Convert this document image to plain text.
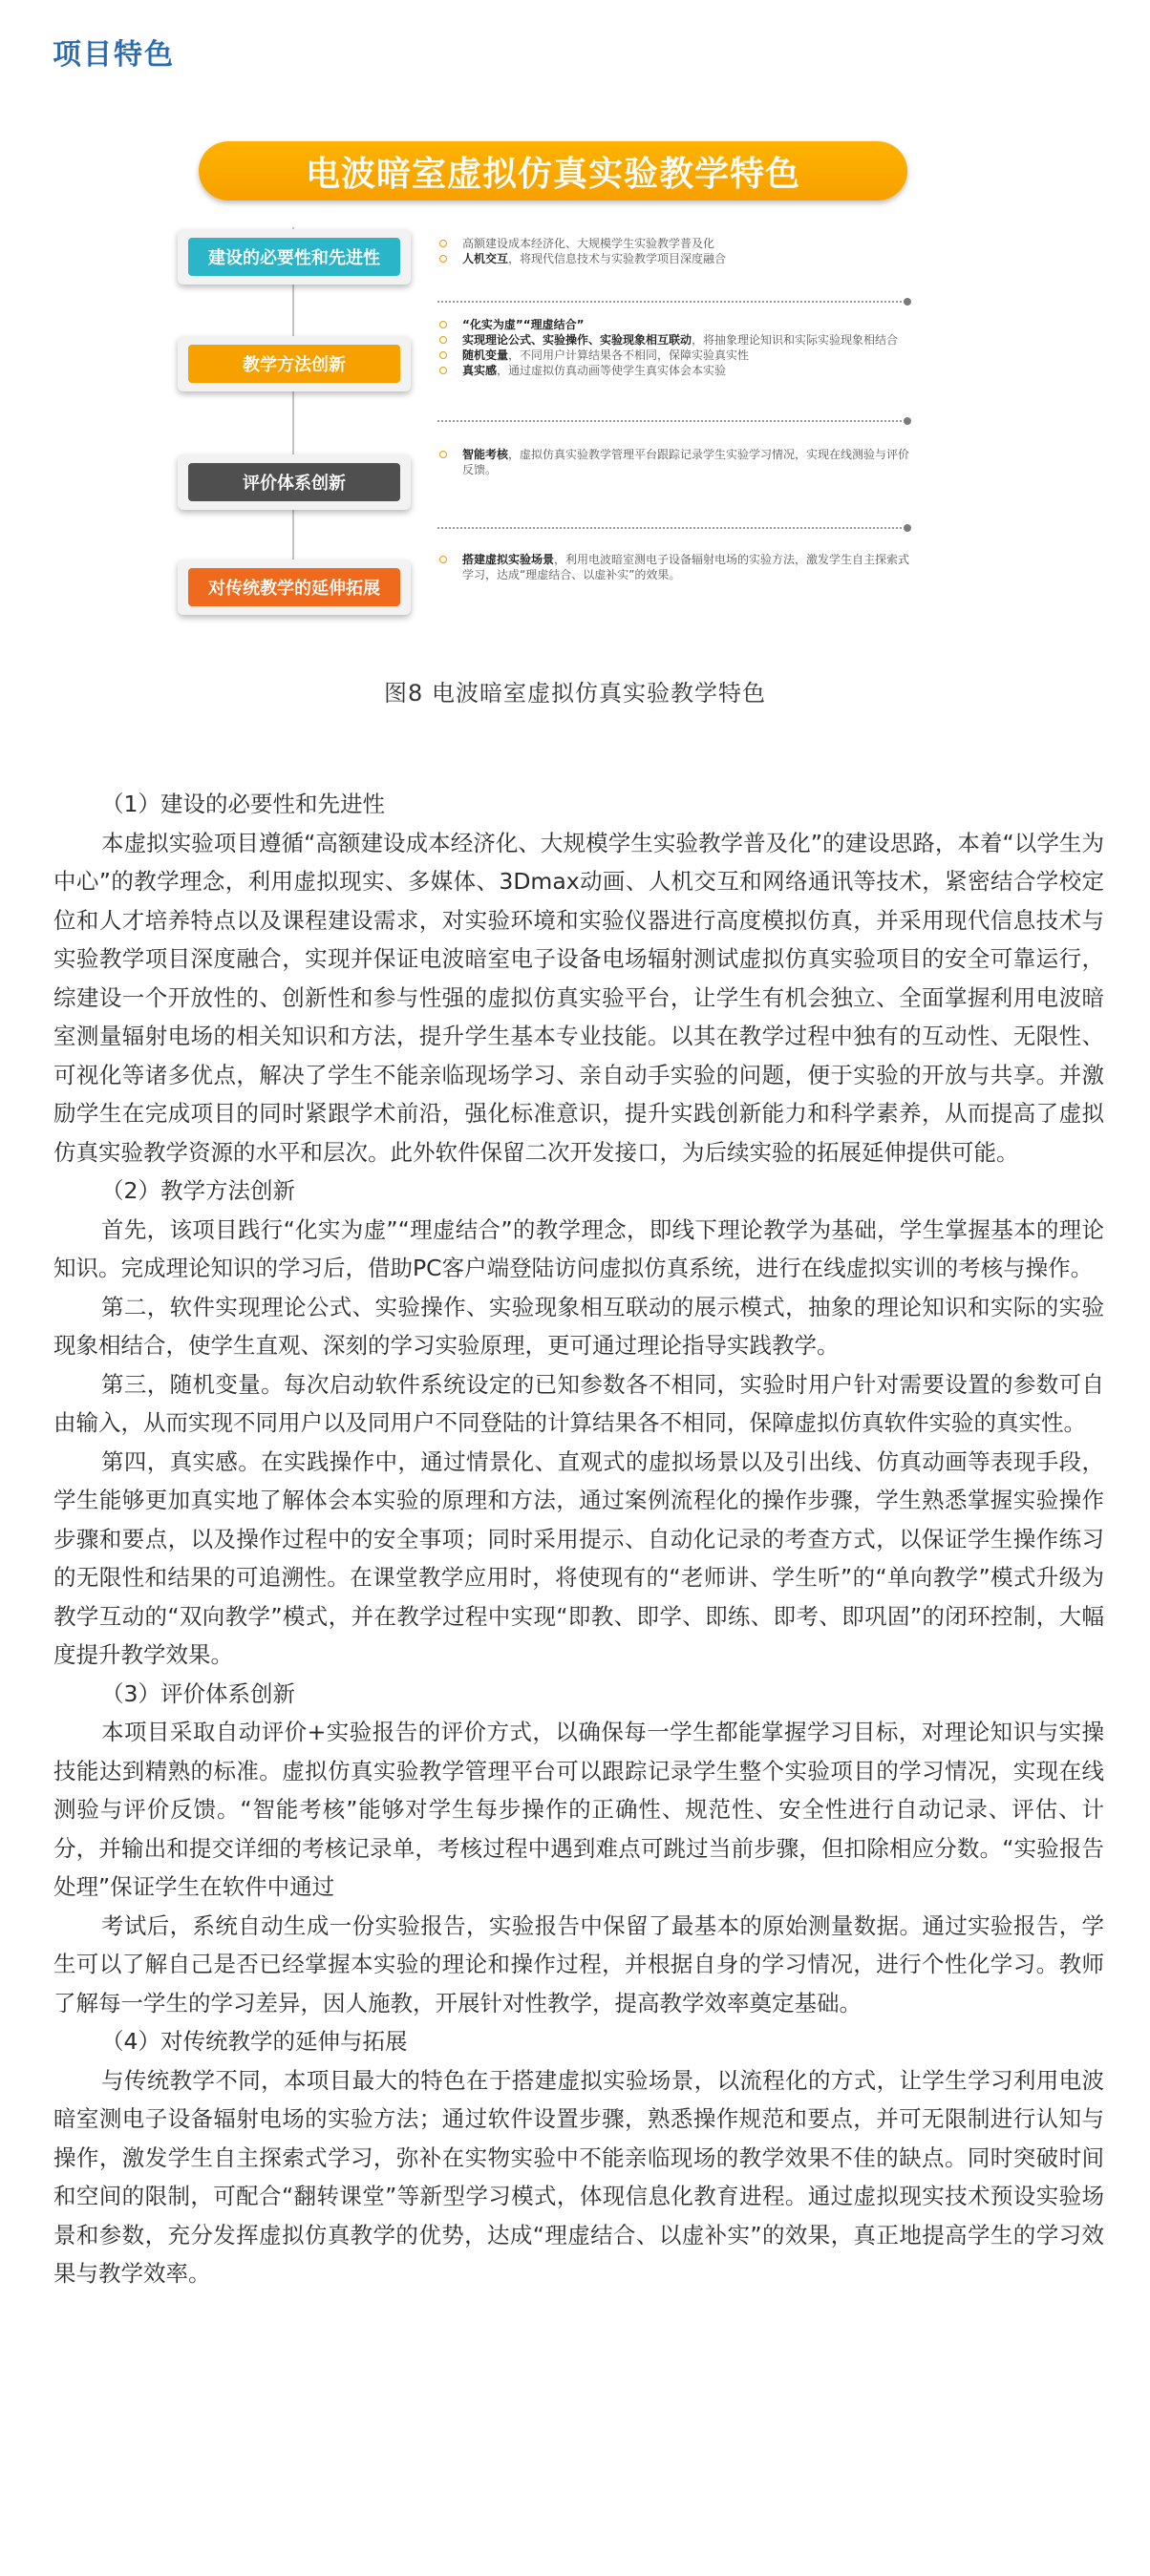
项目特色
电波暗室虚拟仿真实验教学特色
建设的必要性和先进性
高额建设成本经济化、大规模学生实验教学普及化
人机交互，将现代信息技术与实验教学项目深度融合
教学方法创新
“化实为虚”“理虚结合”
实现理论公式、实验操作、实验现象相互联动，将抽象理论知识和实际实验现象相结合
随机变量，不同用户计算结果各不相同，保障实验真实性
真实感，通过虚拟仿真动画等使学生真实体会本实验
评价体系创新
智能考核，虚拟仿真实验教学管理平台跟踪记录学生实验学习情况，实现在线测验与评价反馈。
对传统教学的延伸拓展
搭建虚拟实验场景，利用电波暗室测电子设备辐射电场的实验方法，激发学生自主探索式学习，达成“理虚结合、以虚补实”的效果。
图8 电波暗室虚拟仿真实验教学特色
（1）建设的必要性和先进性
本虚拟实验项目遵循“高额建设成本经济化、大规模学生实验教学普及化”的建设思路，本着“以学生为中心”的教学理念，利用虚拟现实、多媒体、3Dmax动画、人机交互和网络通讯等技术，紧密结合学校定位和人才培养特点以及课程建设需求，对实验环境和实验仪器进行高度模拟仿真，并采用现代信息技术与实验教学项目深度融合，实现并保证电波暗室电子设备电场辐射测试虚拟仿真实验项目的安全可靠运行，综建设一个开放性的、创新性和参与性强的虚拟仿真实验平台，让学生有机会独立、全面掌握利用电波暗室测量辐射电场的相关知识和方法，提升学生基本专业技能。以其在教学过程中独有的互动性、无限性、可视化等诸多优点，解决了学生不能亲临现场学习、亲自动手实验的问题，便于实验的开放与共享。并激励学生在完成项目的同时紧跟学术前沿，强化标准意识，提升实践创新能力和科学素养，从而提高了虚拟仿真实验教学资源的水平和层次。此外软件保留二次开发接口，为后续实验的拓展延伸提供可能。
（2）教学方法创新
首先，该项目践行“化实为虚”“理虚结合”的教学理念，即线下理论教学为基础，学生掌握基本的理论知识。完成理论知识的学习后，借助PC客户端登陆访问虚拟仿真系统，进行在线虚拟实训的考核与操作。
第二，软件实现理论公式、实验操作、实验现象相互联动的展示模式，抽象的理论知识和实际的实验现象相结合，使学生直观、深刻的学习实验原理，更可通过理论指导实践教学。
第三，随机变量。每次启动软件系统设定的已知参数各不相同，实验时用户针对需要设置的参数可自由输入，从而实现不同用户以及同用户不同登陆的计算结果各不相同，保障虚拟仿真软件实验的真实性。
第四，真实感。在实践操作中，通过情景化、直观式的虚拟场景以及引出线、仿真动画等表现手段，学生能够更加真实地了解体会本实验的原理和方法，通过案例流程化的操作步骤，学生熟悉掌握实验操作步骤和要点，以及操作过程中的安全事项；同时采用提示、自动化记录的考查方式，以保证学生操作练习的无限性和结果的可追溯性。在课堂教学应用时，将使现有的“老师讲、学生听”的“单向教学”模式升级为教学互动的“双向教学”模式，并在教学过程中实现“即教、即学、即练、即考、即巩固”的闭环控制，大幅度提升教学效果。
（3）评价体系创新
本项目采取自动评价+实验报告的评价方式，以确保每一学生都能掌握学习目标，对理论知识与实操技能达到精熟的标准。虚拟仿真实验教学管理平台可以跟踪记录学生整个实验项目的学习情况，实现在线测验与评价反馈。“智能考核”能够对学生每步操作的正确性、规范性、安全性进行自动记录、评估、计分，并输出和提交详细的考核记录单，考核过程中遇到难点可跳过当前步骤，但扣除相应分数。“实验报告处理”保证学生在软件中通过
考试后，系统自动生成一份实验报告，实验报告中保留了最基本的原始测量数据。通过实验报告，学生可以了解自己是否已经掌握本实验的理论和操作过程，并根据自身的学习情况，进行个性化学习。教师了解每一学生的学习差异，因人施教，开展针对性教学，提高教学效率奠定基础。
（4）对传统教学的延伸与拓展
与传统教学不同，本项目最大的特色在于搭建虚拟实验场景，以流程化的方式，让学生学习利用电波暗室测电子设备辐射电场的实验方法；通过软件设置步骤，熟悉操作规范和要点，并可无限制进行认知与操作，激发学生自主探索式学习，弥补在实物实验中不能亲临现场的教学效果不佳的缺点。同时突破时间和空间的限制，可配合“翻转课堂”等新型学习模式，体现信息化教育进程。通过虚拟现实技术预设实验场景和参数，充分发挥虚拟仿真教学的优势，达成“理虚结合、以虚补实”的效果，真正地提高学生的学习效果与教学效率。
